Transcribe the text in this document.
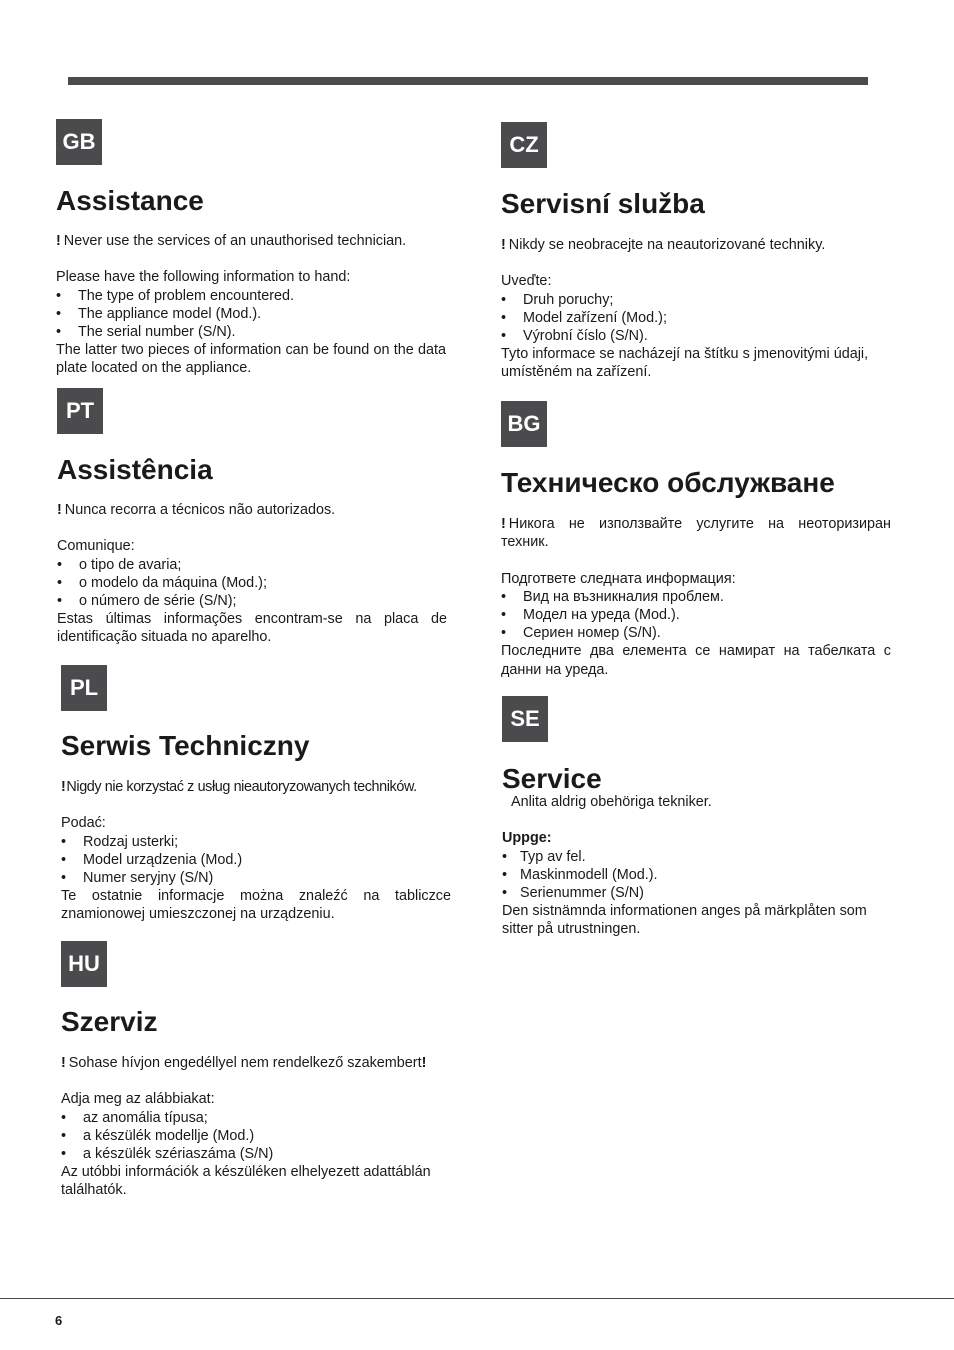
GB
Assistance

! Never use the services of an unauthorised technician.

Please have the following information to hand:

• The type of problem encountered.
• The appliance model (Mod.).
• The serial number (S/N).

The latter two pieces of information can be found on the data plate located on the appliance.

PT
Assistência

! Nunca recorra a técnicos não autorizados.

Comunique:

• o tipo de avaria;
• o modelo da máquina (Mod.);
• o número de série (S/N);

Estas últimas informações encontram-se na placa de identificação situada no aparelho.

PL
Serwis Techniczny

!Nigdy nie korzystać z usług nieautoryzowanych techników.

Podać:

• Rodzaj usterki;
• Model urządzenia (Mod.)
• Numer seryjny (S/N)

Te ostatnie informacje można znaleźć na tabliczce znamionowej umieszczonej na urządzeniu.

HU
Szerviz

! Sohase hívjon engedéllyel nem rendelkező szakembert!

Adja meg az alábbiakat:

• az anomália típusa;
• a készülék modellje (Mod.)
• a készülék szériaszáma (S/N)

Az utóbbi információk a készüléken elhelyezett adattáblán találhatók.

CZ
Servisní služba

! Nikdy se neobracejte na neautorizované techniky.

Uveďte:

• Druh poruchy;
• Model zařízení (Mod.);
• Výrobní číslo (S/N).

Tyto informace se nacházejí na štítku s jmenovitými údaji, umístěném na zařízení.

BG
Техническо обслужване

! Никога не използвайте услугите на неоторизиран техник.

Подгответе следната информация:

• Вид на възникналия проблем.
• Модел на уреда (Mod.).
• Сериен номер (S/N).

Последните два елемента се намират на табелката с данни на уреда.

SE
Service

Anlita aldrig obehöriga tekniker.

Uppge:

• Typ av fel.
• Maskinmodell (Mod.).
• Serienummer (S/N)

Den sistnämnda informationen anges på märkplåten som sitter på utrustningen.

6
